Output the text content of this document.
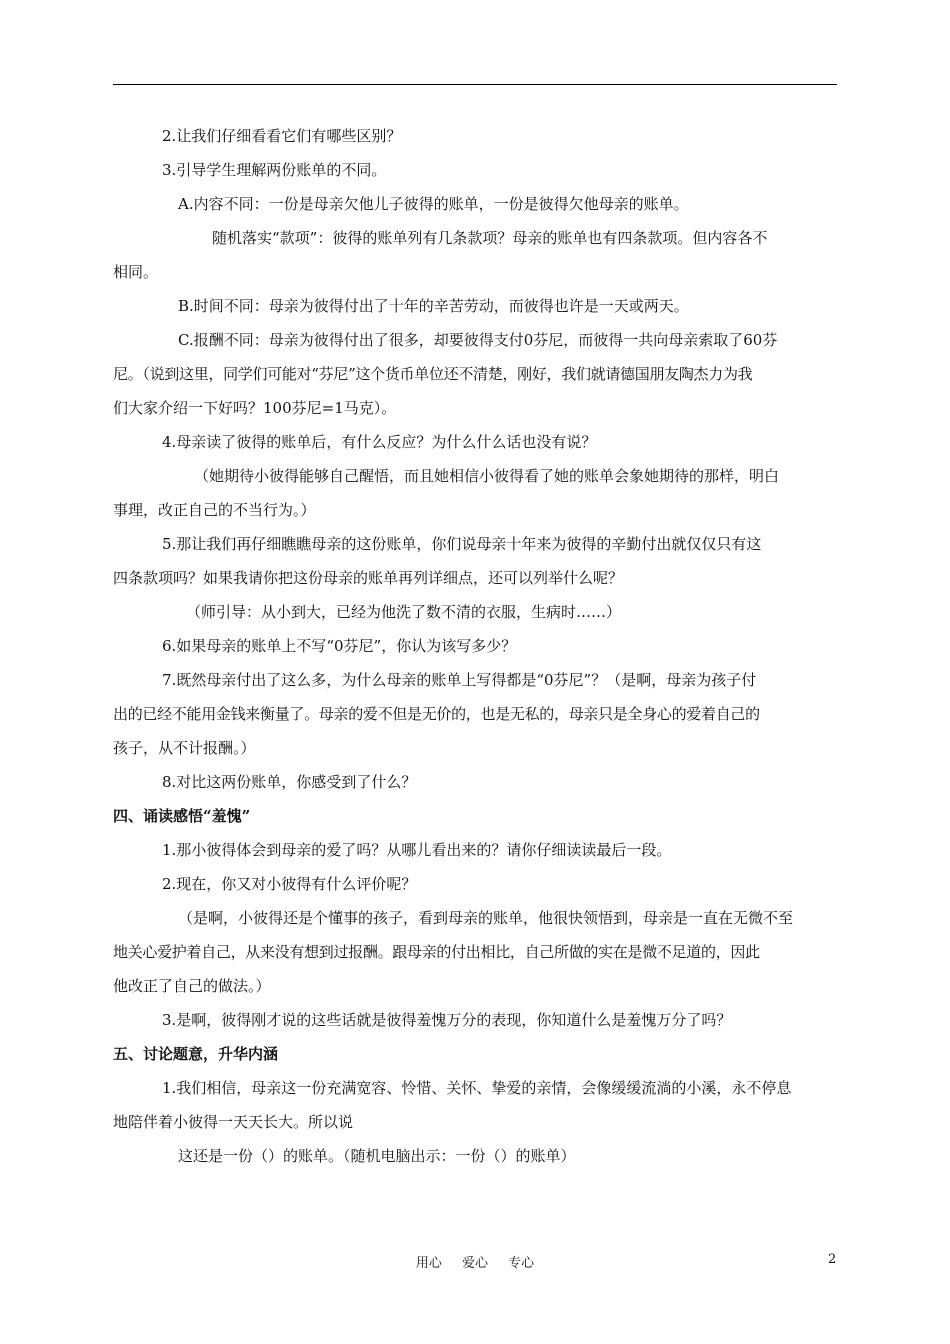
2.让我们仔细看看它们有哪些区别？
3.引导学生理解两份账单的不同。
A.内容不同：一份是母亲欠他儿子彼得的账单，一份是彼得欠他母亲的账单。
随机落实“款项”：彼得的账单列有几条款项？母亲的账单也有四条款项。但内容各不
相同。
B.时间不同：母亲为彼得付出了十年的辛苦劳动，而彼得也许是一天或两天。
C.报酬不同：母亲为彼得付出了很多，却要彼得支付0芬尼，而彼得一共向母亲索取了60芬
尼。（说到这里，同学们可能对“芬尼”这个货币单位还不清楚，刚好，我们就请德国朋友陶杰力为我
们大家介绍一下好吗？100芬尼=1马克）。
4.母亲读了彼得的账单后，有什么反应？为什么什么话也没有说？
（她期待小彼得能够自己醒悟，而且她相信小彼得看了她的账单会象她期待的那样，明白
事理，改正自己的不当行为。）
5.那让我们再仔细瞧瞧母亲的这份账单，你们说母亲十年来为彼得的辛勤付出就仅仅只有这
四条款项吗？如果我请你把这份母亲的账单再列详细点，还可以列举什么呢？
（师引导：从小到大，已经为他洗了数不清的衣服，生病时……）
6.如果母亲的账单上不写“0芬尼”，你认为该写多少？
7.既然母亲付出了这么多，为什么母亲的账单上写得都是“0芬尼”？（是啊，母亲为孩子付
出的已经不能用金钱来衡量了。母亲的爱不但是无价的，也是无私的，母亲只是全身心的爱着自己的
孩子，从不计报酬。）
8.对比这两份账单，你感受到了什么？
四、诵读感悟“羞愧”
1.那小彼得体会到母亲的爱了吗？从哪儿看出来的？请你仔细读读最后一段。
2.现在，你又对小彼得有什么评价呢？
（是啊，小彼得还是个懂事的孩子，看到母亲的账单，他很快领悟到，母亲是一直在无微不至
地关心爱护着自己，从来没有想到过报酬。跟母亲的付出相比，自己所做的实在是微不足道的，因此
他改正了自己的做法。）
3.是啊，彼得刚才说的这些话就是彼得羞愧万分的表现，你知道什么是羞愧万分了吗？
五、讨论题意，升华内涵
1.我们相信，母亲这一份充满宽容、怜惜、关怀、挚爱的亲情，会像缓缓流淌的小溪，永不停息
地陪伴着小彼得一天天长大。所以说
这还是一份（）的账单。（随机电脑出示：一份（）的账单）
用心 爱心 专心	2
